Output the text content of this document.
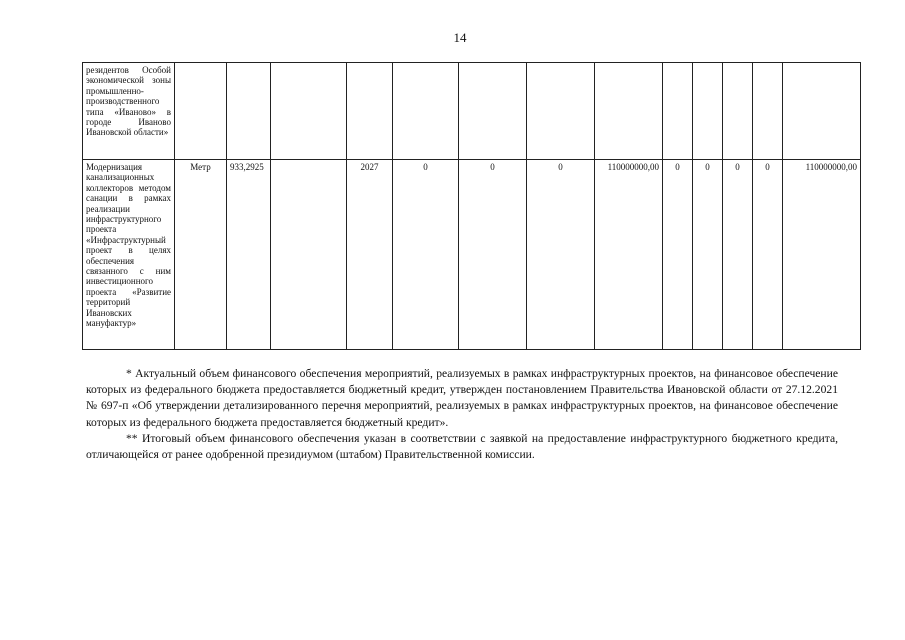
14
резидентов Особой экономической зоны промышленно-производственного типа «Иваново» в городе Иваново Ивановской области»													
Модернизация канализационных коллекторов методом санации в рамках реализации инфраструктурного проекта «Инфраструктурный проект в целях обеспечения связанного с ним инвестиционного проекта «Развитие территорий Ивановских мануфактур»	Метр	933,2925		2027	0	0	0	110000000,00	0	0	0	0	110000000,00

* Актуальный объем финансового обеспечения мероприятий, реализуемых в рамках инфраструктурных проектов, на финансовое обеспечение которых из федерального бюджета предоставляется бюджетный кредит, утвержден постановлением Правительства Ивановской области от 27.12.2021 № 697-п «Об утверждении детализированного перечня мероприятий, реализуемых в рамках инфраструктурных проектов, на финансовое обеспечение которых из федерального бюджета предоставляется бюджетный кредит».

** Итоговый объем финансового обеспечения указан в соответствии с заявкой на предоставление инфраструктурного бюджетного кредита, отличающейся от ранее одобренной президиумом (штабом) Правительственной комиссии.
